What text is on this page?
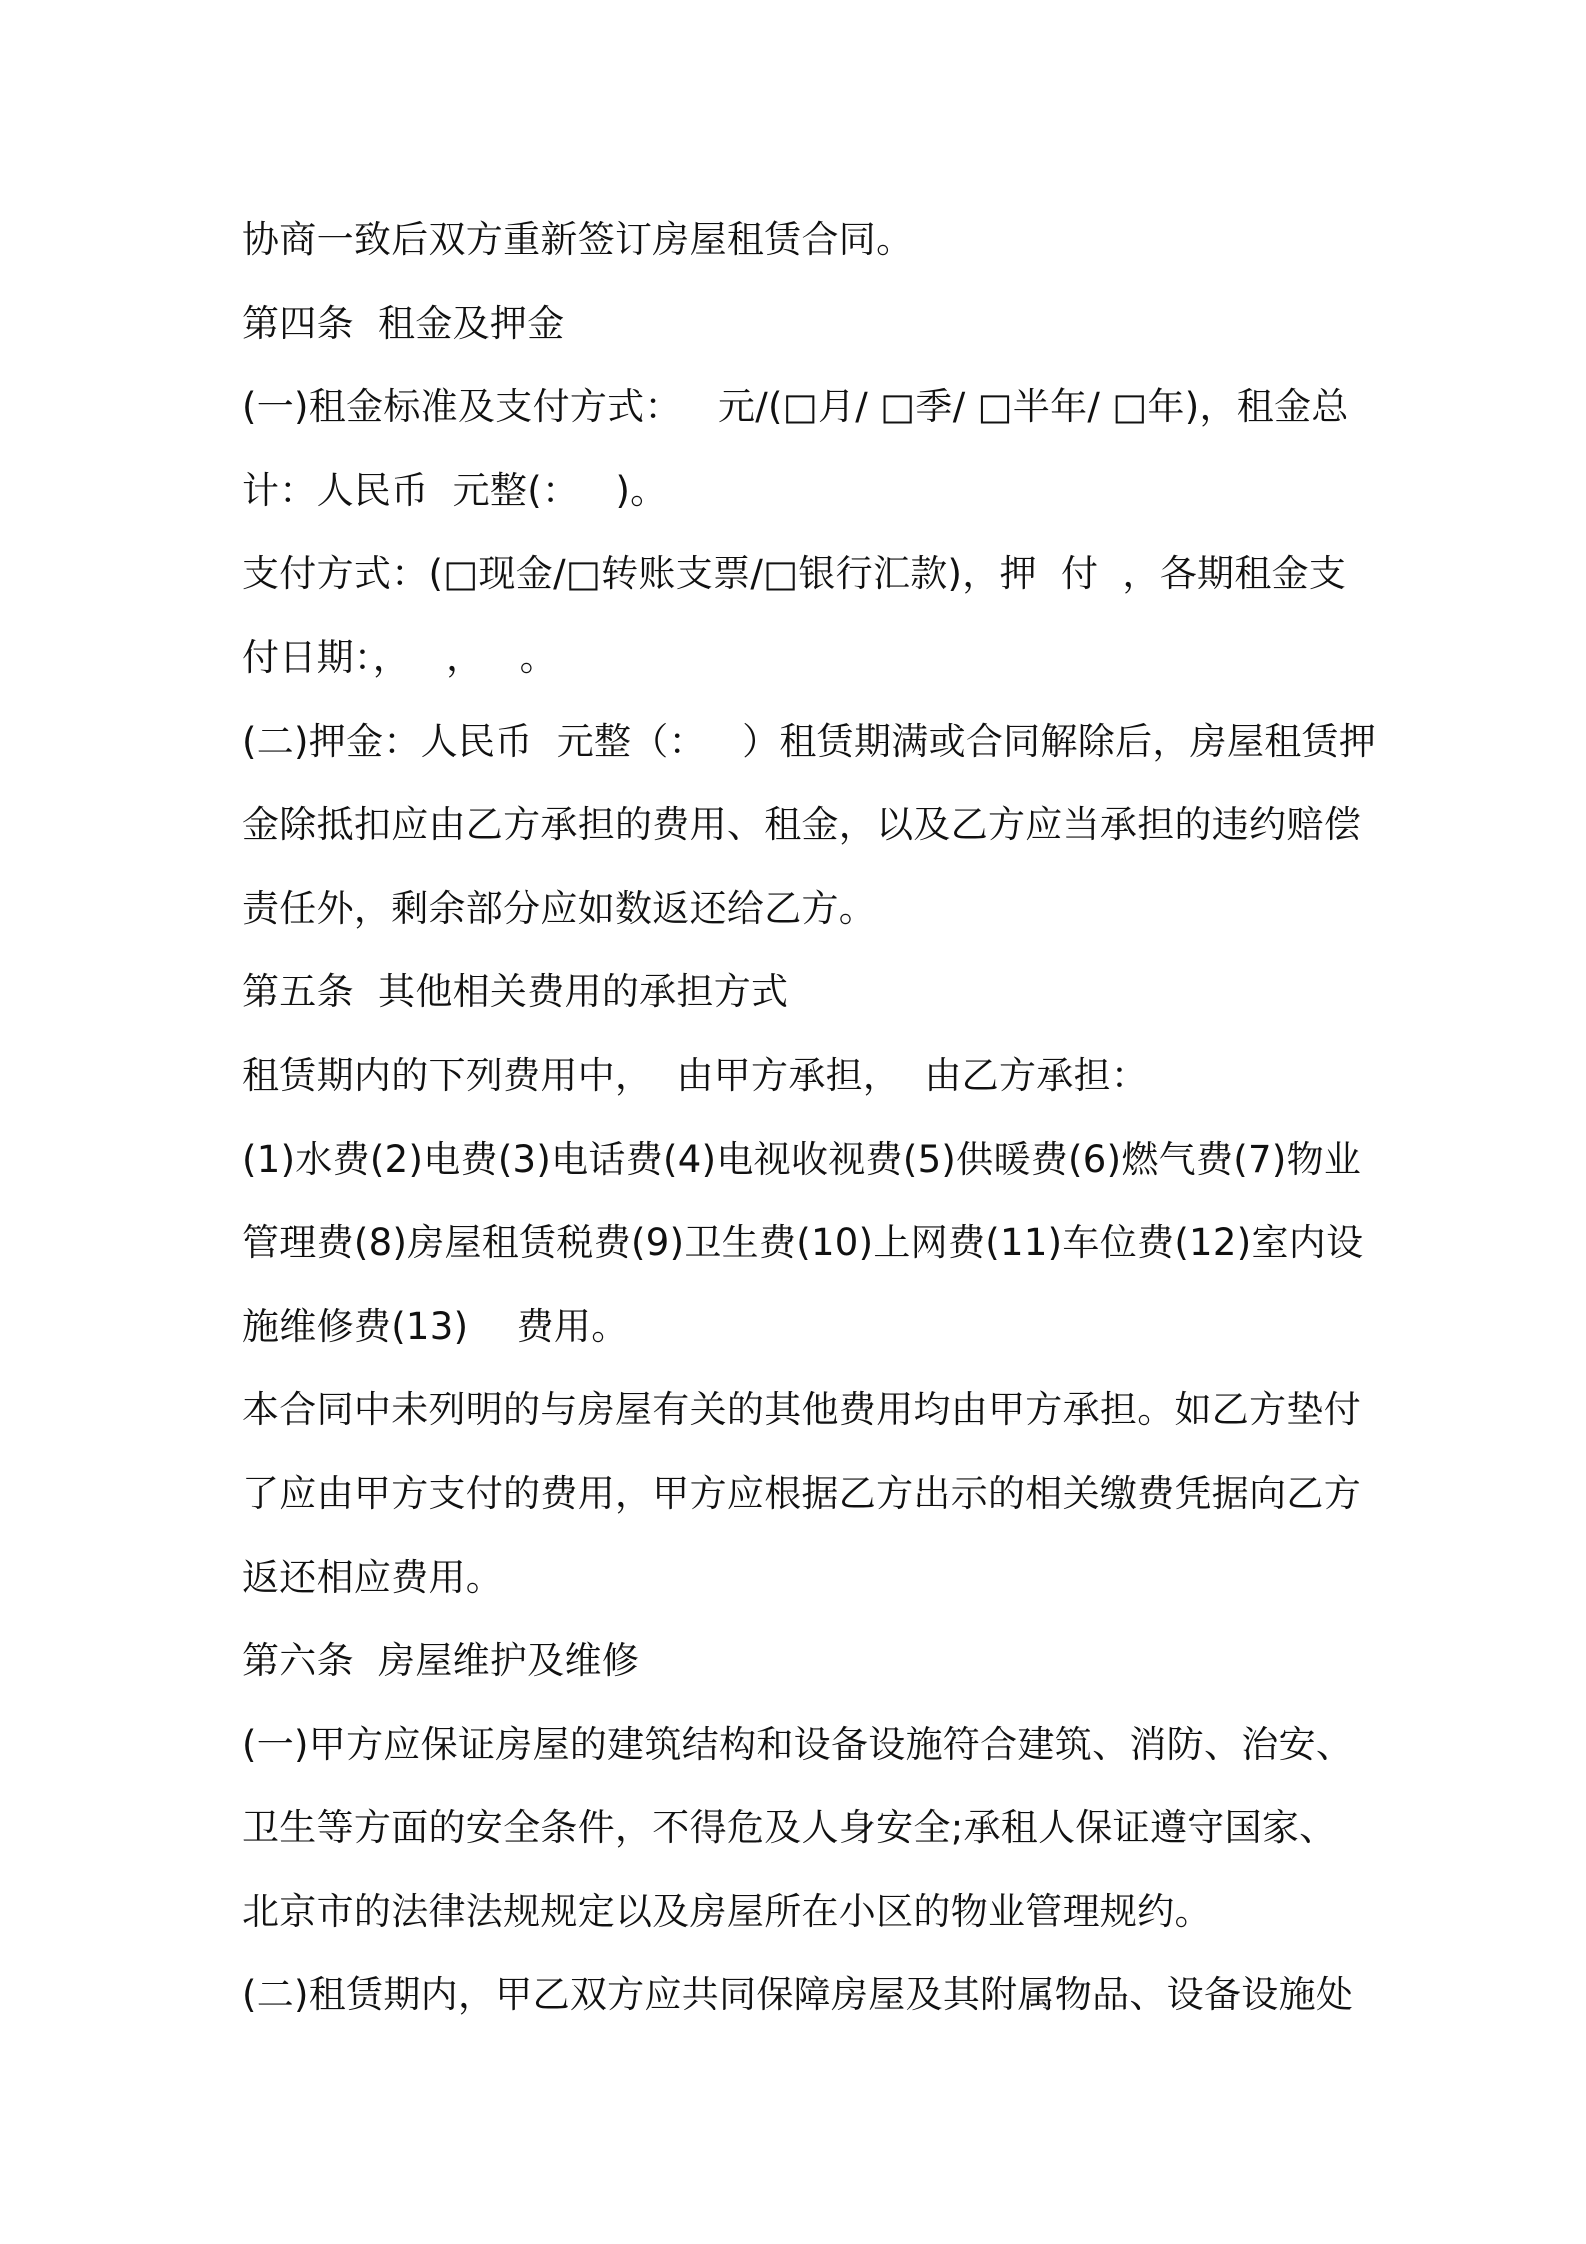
协商一致后双方重新签订房屋租赁合同。
第四条  租金及押金
(一)租金标准及支付方式：   元/(□月/ □季/ □半年/ □年)，租金总
计：人民币  元整(：   )。
支付方式：(□现金/□转账支票/□银行汇款)，押  付  ，各期租金支
付日期：，   ，   。
(二)押金：人民币  元整（：   ）租赁期满或合同解除后，房屋租赁押
金除抵扣应由乙方承担的费用、租金，以及乙方应当承担的违约赔偿
责任外，剩余部分应如数返还给乙方。
第五条  其他相关费用的承担方式
租赁期内的下列费用中，  由甲方承担，  由乙方承担：
(1)水费(2)电费(3)电话费(4)电视收视费(5)供暖费(6)燃气费(7)物业
管理费(8)房屋租赁税费(9)卫生费(10)上网费(11)车位费(12)室内设
施维修费(13)    费用。
本合同中未列明的与房屋有关的其他费用均由甲方承担。如乙方垫付
了应由甲方支付的费用，甲方应根据乙方出示的相关缴费凭据向乙方
返还相应费用。
第六条  房屋维护及维修
(一)甲方应保证房屋的建筑结构和设备设施符合建筑、消防、治安、
卫生等方面的安全条件，不得危及人身安全;承租人保证遵守国家、
北京市的法律法规规定以及房屋所在小区的物业管理规约。
(二)租赁期内，甲乙双方应共同保障房屋及其附属物品、设备设施处
